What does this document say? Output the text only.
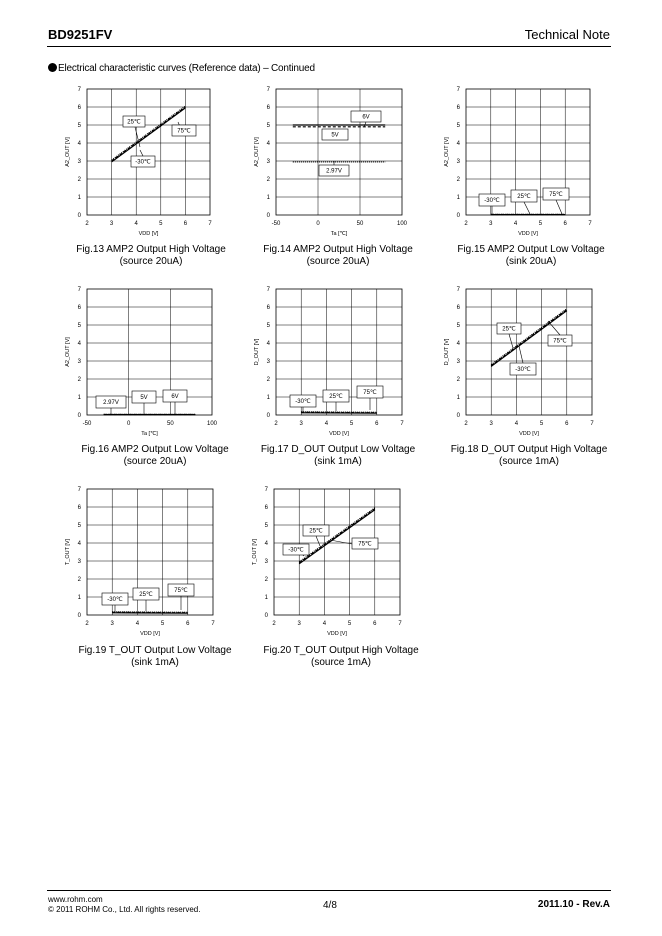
BD9251FV	Technical Note
Electrical characteristic curves (Reference data) – Continued
2	3	4	5	6	7
0
1
2
3
4
5
6
7
VDD [V]
A2_OUT [V]
25℃
75℃
-30℃
Fig.13 AMP2 Output High Voltage
(source 20uA)
-50	0	50	100
0
1
2
3
4
5
6
7
Ta [℃]
A2_OUT [V]
6V
5V
2.97V
Fig.14 AMP2 Output High Voltage
(source 20uA)
2	3	4	5	6	7
0
1
2
3
4
5
6
7
VDD [V]
A2_OUT [V]
-30℃
25℃	75℃
Fig.15 AMP2 Output Low Voltage
(sink 20uA)
-50	0	50	100
0
1
2
3
4
5
6
7
Ta [℃]
A2_OUT [V]
2.97V
5V	6V
Fig.16 AMP2 Output Low Voltage
(source 20uA)
2	3	4	5	6	7
0
1
2
3
4
5
6
7
VDD [V]
D_OUT [V]
-30℃
25℃
75℃
Fig.17 D_OUT Output Low Voltage
(sink 1mA)
2	3	4	5	6	7
0
1
2
3
4
5
6
7
VDD [V]
D_OUT [V]
25℃
75℃
-30℃
Fig.18 D_OUT Output High Voltage
(source 1mA)
2	3	4	5	6	7
0
1
2
3
4
5
6
7
VDD [V]
T_OUT [V]
-30℃
25℃
75℃
Fig.19 T_OUT Output Low Voltage
(sink 1mA)
2	3	4	5	6	7
0
1
2
3
4
5
6
7
VDD [V]
T_OUT [V]
25℃
-30℃
75℃
Fig.20 T_OUT Output High Voltage
(source 1mA)
www.rohm.com
© 2011 ROHM Co., Ltd. All rights reserved.	4/8	2011.10 - Rev.A
